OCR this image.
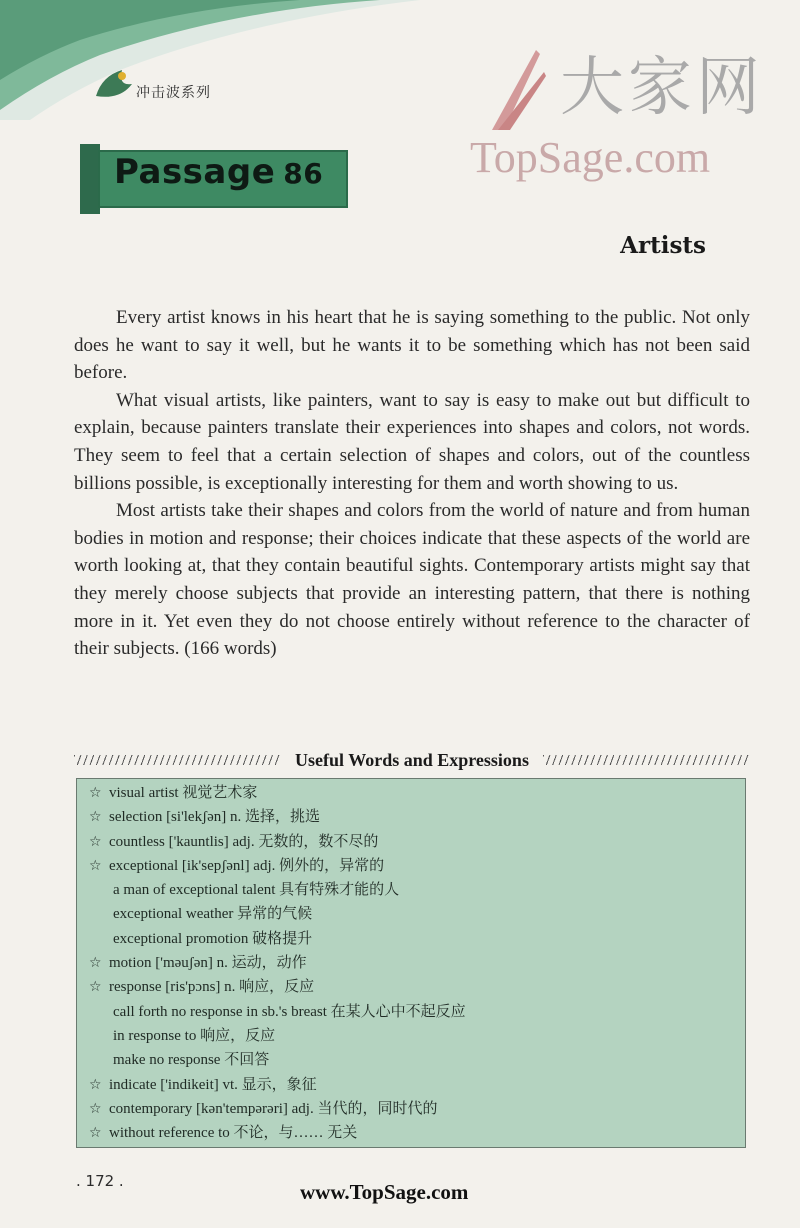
冲击波系列	大家网
TopSage.com
Passage 86
Artists

Every artist knows in his heart that he is saying something to the public. Not only does he want to say it well, but he wants it to be something which has not been said before.

What visual artists, like painters, want to say is easy to make out but difficult to explain, because painters translate their experiences into shapes and colors, not words. They seem to feel that a certain selection of shapes and colors, out of the countless billions possible, is exceptionally interesting for them and worth showing to us.

Most artists take their shapes and colors from the world of nature and from human bodies in motion and response; their choices indicate that these aspects of the world are worth looking at, that they contain beautiful sights. Contemporary artists might say that they merely choose subjects that provide an interesting pattern, that there is nothing more in it. Yet even they do not choose entirely without reference to the character of their subjects. (166 words)

Useful Words and Expressions
☆ visual artist 视觉艺术家
☆ selection [si'lekʃən] n. 选择，挑选
☆ countless ['kauntlis] adj. 无数的，数不尽的
☆ exceptional [ik'sepʃənl] adj. 例外的，异常的
a man of exceptional talent 具有特殊才能的人
exceptional weather 异常的气候
exceptional promotion 破格提升
☆ motion ['məuʃən] n. 运动，动作
☆ response [ris'pɔns] n. 响应，反应
call forth no response in sb.'s breast 在某人心中不起反应
in response to 响应，反应
make no response 不回答
☆ indicate ['indikeit] vt. 显示，象征
☆ contemporary [kən'tempərəri] adj. 当代的，同时代的
☆ without reference to 不论，与…… 无关
. 172 .	www.TopSage.com
